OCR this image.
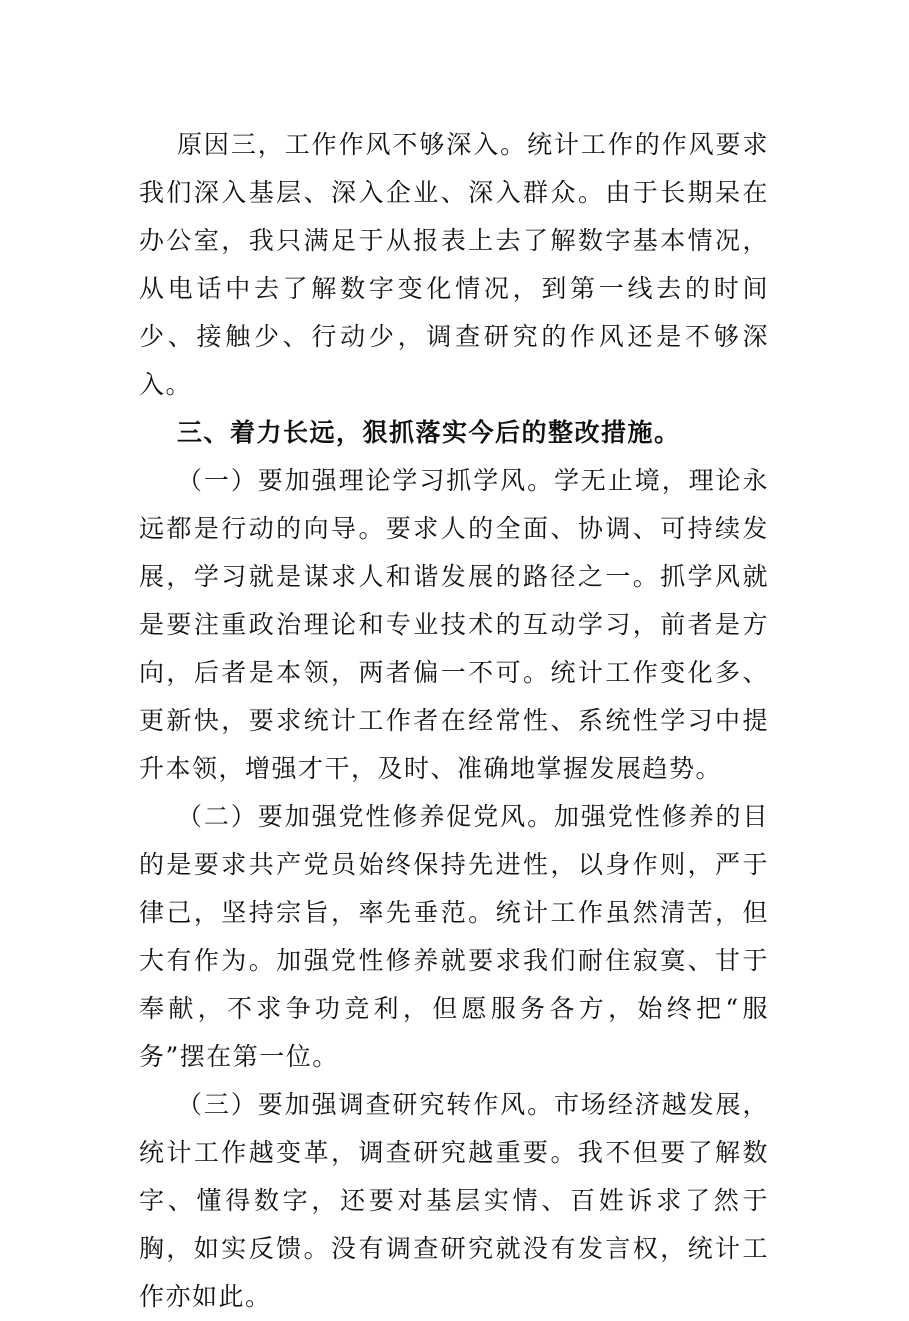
原因三，工作作风不够深入。统计工作的作风要求我们深入基层、深入企业、深入群众。由于长期呆在办公室，我只满足于从报表上去了解数字基本情况，从电话中去了解数字变化情况，到第一线去的时间少、接触少、行动少，调查研究的作风还是不够深入。

三、着力长远，狠抓落实今后的整改措施。

（一）要加强理论学习抓学风。学无止境，理论永远都是行动的向导。要求人的全面、协调、可持续发展，学习就是谋求人和谐发展的路径之一。抓学风就是要注重政治理论和专业技术的互动学习，前者是方向，后者是本领，两者偏一不可。统计工作变化多、更新快，要求统计工作者在经常性、系统性学习中提升本领，增强才干，及时、准确地掌握发展趋势。

（二）要加强党性修养促党风。加强党性修养的目的是要求共产党员始终保持先进性，以身作则，严于律己，坚持宗旨，率先垂范。统计工作虽然清苦，但大有作为。加强党性修养就要求我们耐住寂寞、甘于奉献，不求争功竞利，但愿服务各方，始终把“服务”摆在第一位。

（三）要加强调查研究转作风。市场经济越发展，统计工作越变革，调查研究越重要。我不但要了解数字、懂得数字，还要对基层实情、百姓诉求了然于胸，如实反馈。没有调查研究就没有发言权，统计工作亦如此。
